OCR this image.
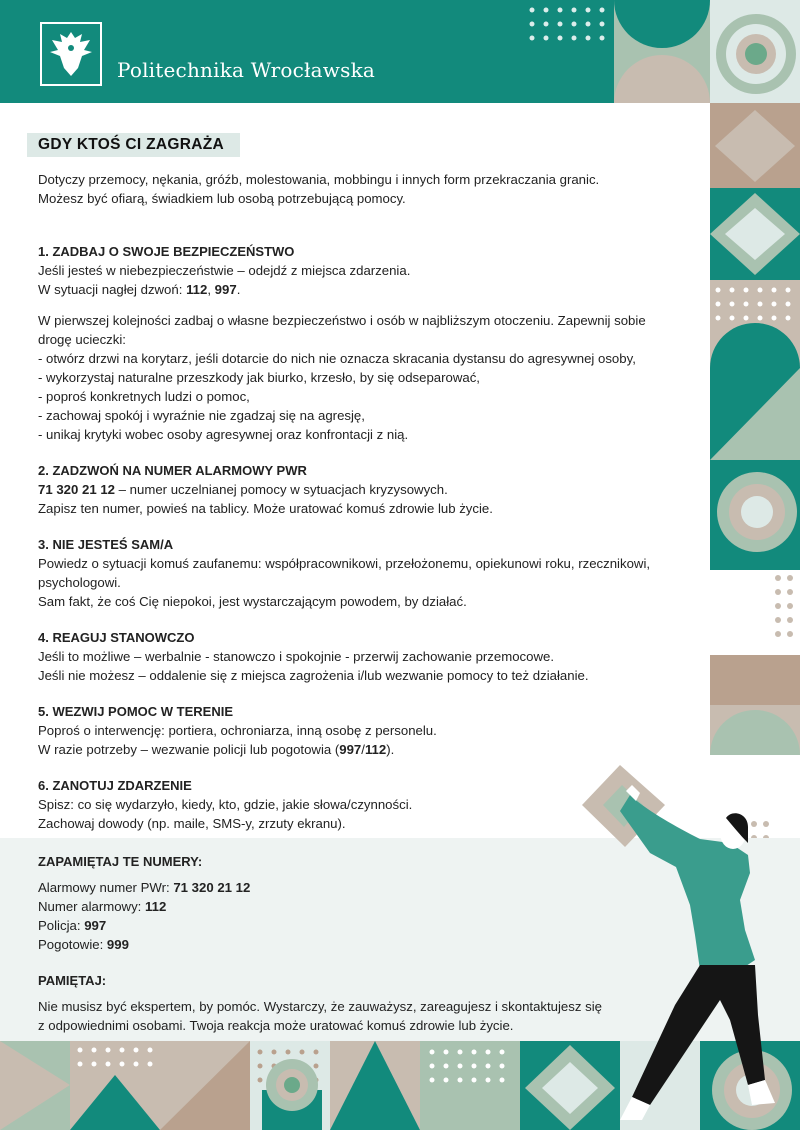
Politechnika Wrocławska
GDY KTOŚ CI ZAGRAŻA

Dotyczy przemocy, nękania, gróźb, molestowania, mobbingu i innych form przekraczania granic.

Możesz być ofiarą, świadkiem lub osobą potrzebującą pomocy.

1. ZADBAJ O SWOJE BEZPIECZEŃSTWO

Jeśli jesteś w niebezpieczeństwie – odejdź z miejsca zdarzenia.

W sytuacji nagłej dzwoń: 112, 997.

W pierwszej kolejności zadbaj o własne bezpieczeństwo i osób w najbliższym otoczeniu. Zapewnij sobie

drogę ucieczki:

- otwórz drzwi na korytarz, jeśli dotarcie do nich nie oznacza skracania dystansu do agresywnej osoby,

- wykorzystaj naturalne przeszkody jak biurko, krzesło, by się odseparować,

- poproś konkretnych ludzi o pomoc,

- zachowaj spokój i wyraźnie nie zgadzaj się na agresję,

- unikaj krytyki wobec osoby agresywnej oraz konfrontacji z nią.

2. ZADZWOŃ NA NUMER ALARMOWY PWR

71 320 21 12 – numer uczelnianej pomocy w sytuacjach kryzysowych.

Zapisz ten numer, powieś na tablicy. Może uratować komuś zdrowie lub życie.

3. NIE JESTEŚ SAM/A

Powiedz o sytuacji komuś zaufanemu: współpracownikowi, przełożonemu, opiekunowi roku, rzecznikowi,

psychologowi.

Sam fakt, że coś Cię niepokoi, jest wystarczającym powodem, by działać.

4. REAGUJ STANOWCZO

Jeśli to możliwe – werbalnie - stanowczo i spokojnie - przerwij zachowanie przemocowe.

Jeśli nie możesz – oddalenie się z miejsca zagrożenia i/lub wezwanie pomocy to też działanie.

5. WEZWIJ POMOC W TERENIE

Poproś o interwencję: portiera, ochroniarza, inną osobę z personelu.

W razie potrzeby – wezwanie policji lub pogotowia (997/112).

6. ZANOTUJ ZDARZENIE

Spisz: co się wydarzyło, kiedy, kto, gdzie, jakie słowa/czynności.

Zachowaj dowody (np. maile, SMS-y, zrzuty ekranu).

ZAPAMIĘTAJ TE NUMERY:

Alarmowy numer PWr: 71 320 21 12

Numer alarmowy: 112

Policja: 997

Pogotowie: 999

PAMIĘTAJ:

Nie musisz być ekspertem, by pomóc. Wystarczy, że zauważysz, zareagujesz i skontaktujesz się

z odpowiednimi osobami. Twoja reakcja może uratować komuś zdrowie lub życie.
